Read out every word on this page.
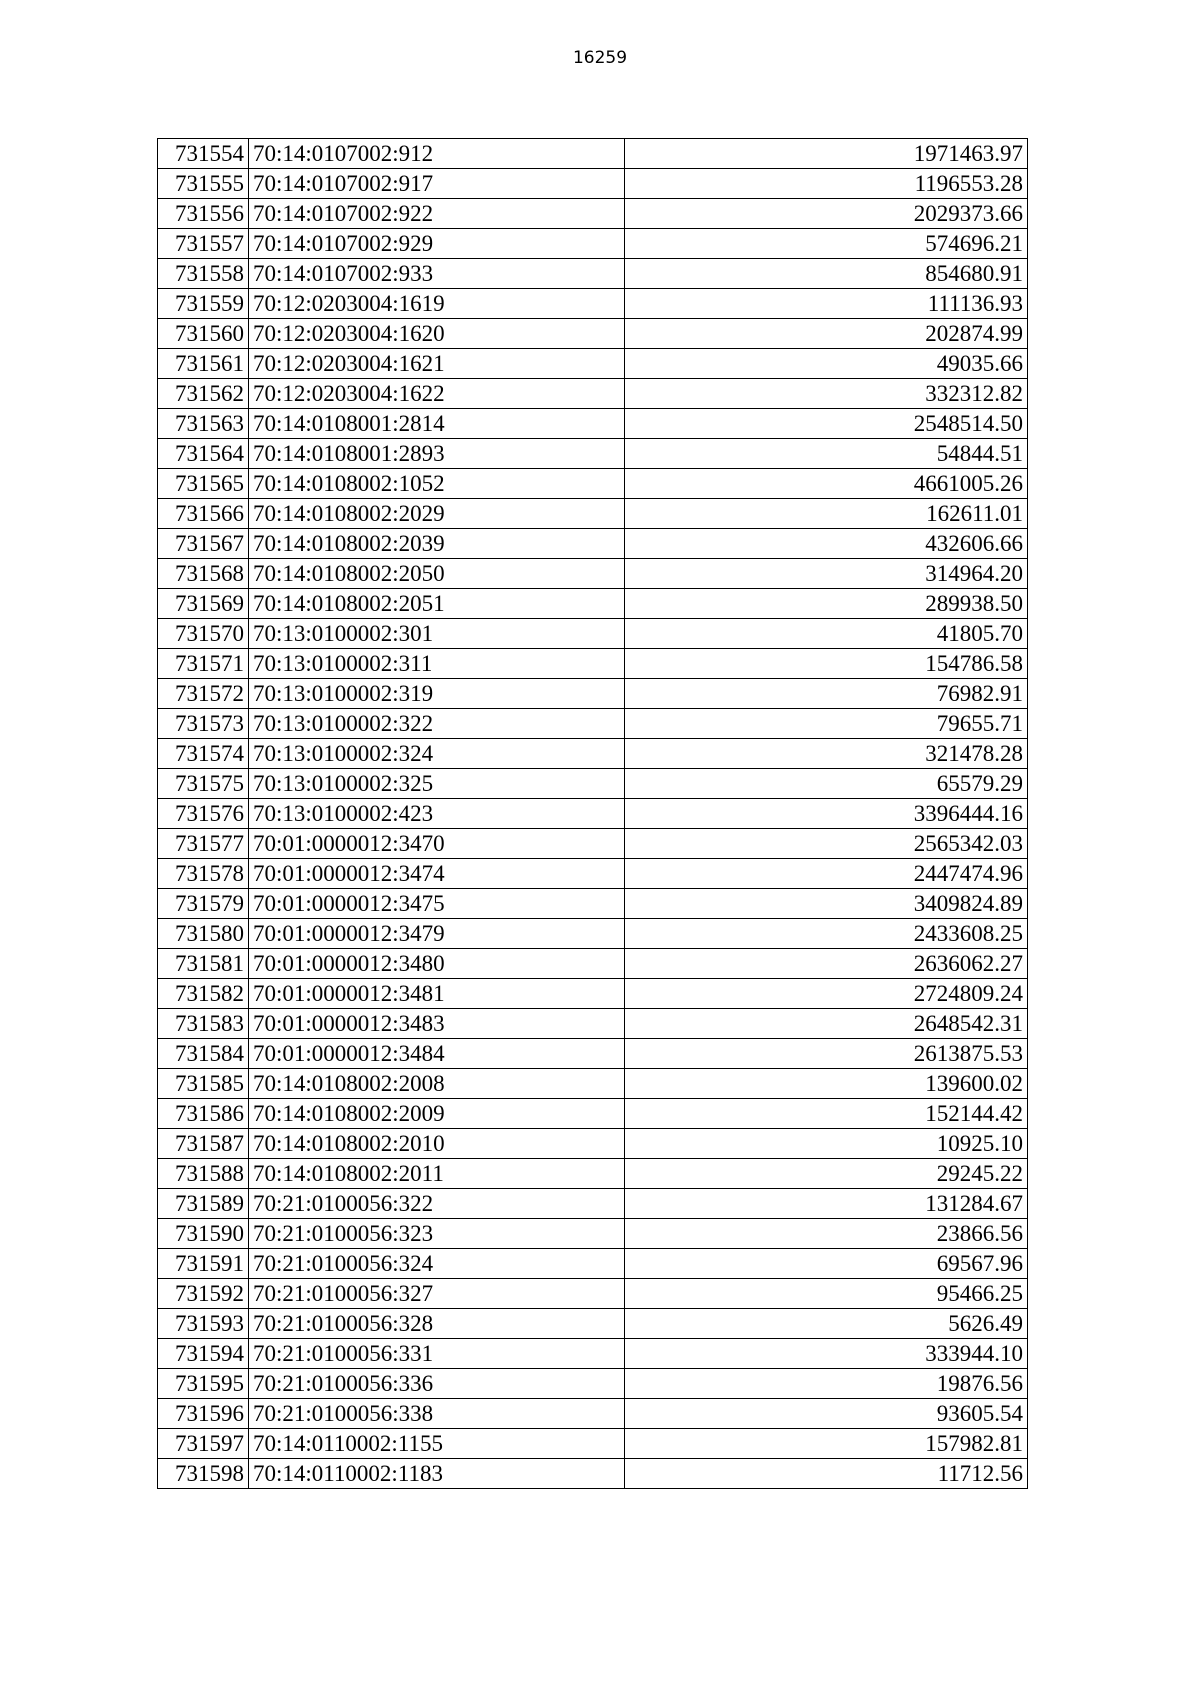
16259
731554	70:14:0107002:912	1971463.97
731555	70:14:0107002:917	1196553.28
731556	70:14:0107002:922	2029373.66
731557	70:14:0107002:929	574696.21
731558	70:14:0107002:933	854680.91
731559	70:12:0203004:1619	111136.93
731560	70:12:0203004:1620	202874.99
731561	70:12:0203004:1621	49035.66
731562	70:12:0203004:1622	332312.82
731563	70:14:0108001:2814	2548514.50
731564	70:14:0108001:2893	54844.51
731565	70:14:0108002:1052	4661005.26
731566	70:14:0108002:2029	162611.01
731567	70:14:0108002:2039	432606.66
731568	70:14:0108002:2050	314964.20
731569	70:14:0108002:2051	289938.50
731570	70:13:0100002:301	41805.70
731571	70:13:0100002:311	154786.58
731572	70:13:0100002:319	76982.91
731573	70:13:0100002:322	79655.71
731574	70:13:0100002:324	321478.28
731575	70:13:0100002:325	65579.29
731576	70:13:0100002:423	3396444.16
731577	70:01:0000012:3470	2565342.03
731578	70:01:0000012:3474	2447474.96
731579	70:01:0000012:3475	3409824.89
731580	70:01:0000012:3479	2433608.25
731581	70:01:0000012:3480	2636062.27
731582	70:01:0000012:3481	2724809.24
731583	70:01:0000012:3483	2648542.31
731584	70:01:0000012:3484	2613875.53
731585	70:14:0108002:2008	139600.02
731586	70:14:0108002:2009	152144.42
731587	70:14:0108002:2010	10925.10
731588	70:14:0108002:2011	29245.22
731589	70:21:0100056:322	131284.67
731590	70:21:0100056:323	23866.56
731591	70:21:0100056:324	69567.96
731592	70:21:0100056:327	95466.25
731593	70:21:0100056:328	5626.49
731594	70:21:0100056:331	333944.10
731595	70:21:0100056:336	19876.56
731596	70:21:0100056:338	93605.54
731597	70:14:0110002:1155	157982.81
731598	70:14:0110002:1183	11712.56
